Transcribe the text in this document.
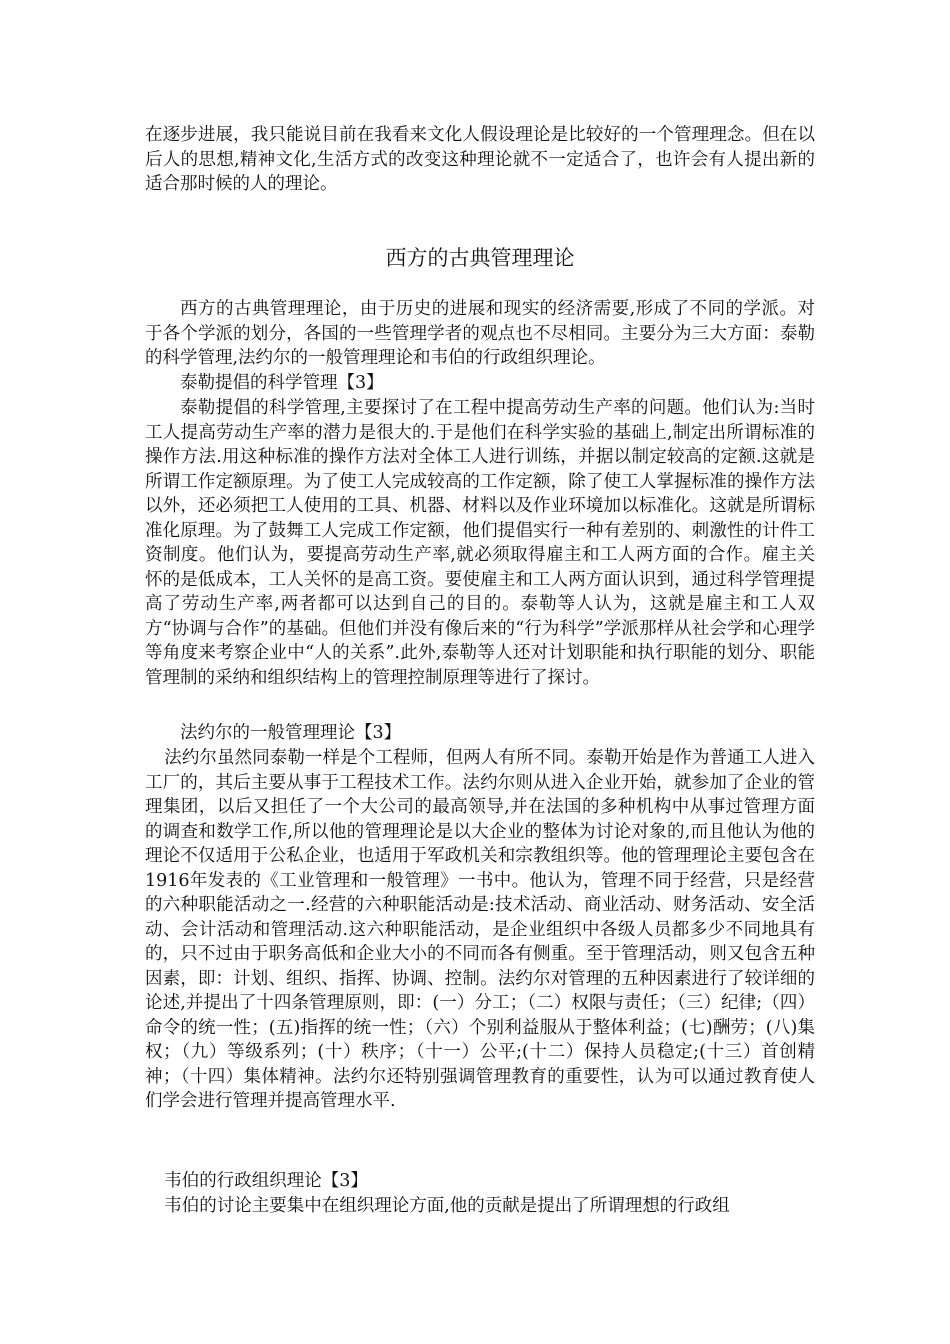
在逐步进展，我只能说目前在我看来文化人假设理论是比较好的一个管理理念。但在以后人的思想,精神文化,生活方式的改变这种理论就不一定适合了，也许会有人提出新的适合那时候的人的理论。

西方的古典管理理论

西方的古典管理理论，由于历史的进展和现实的经济需要,形成了不同的学派。对于各个学派的划分，各国的一些管理学者的观点也不尽相同。主要分为三大方面：泰勒的科学管理,法约尔的一般管理理论和韦伯的行政组织理论。

泰勒提倡的科学管理【3】

泰勒提倡的科学管理,主要探讨了在工程中提高劳动生产率的问题。他们认为:当时工人提高劳动生产率的潜力是很大的.于是他们在科学实验的基础上,制定出所谓标准的操作方法.用这种标准的操作方法对全体工人进行训练，并据以制定较高的定额.这就是所谓工作定额原理。为了使工人完成较高的工作定额，除了使工人掌握标准的操作方法以外，还必须把工人使用的工具、机器、材料以及作业环境加以标准化。这就是所谓标准化原理。为了鼓舞工人完成工作定额，他们提倡实行一种有差别的、刺激性的计件工资制度。他们认为，要提高劳动生产率,就必须取得雇主和工人两方面的合作。雇主关怀的是低成本，工人关怀的是高工资。要使雇主和工人两方面认识到，通过科学管理提高了劳动生产率,两者都可以达到自己的目的。泰勒等人认为，这就是雇主和工人双方“协调与合作”的基础。但他们并没有像后来的“行为科学”学派那样从社会学和心理学等角度来考察企业中“人的关系”.此外,泰勒等人还对计划职能和执行职能的划分、职能管理制的采纳和组织结构上的管理控制原理等进行了探讨。

法约尔的一般管理理论【3】

法约尔虽然同泰勒一样是个工程师，但两人有所不同。泰勒开始是作为普通工人进入工厂的，其后主要从事于工程技术工作。法约尔则从进入企业开始，就参加了企业的管理集团，以后又担任了一个大公司的最高领导,并在法国的多种机构中从事过管理方面的调查和数学工作,所以他的管理理论是以大企业的整体为讨论对象的,而且他认为他的理论不仅适用于公私企业，也适用于军政机关和宗教组织等。他的管理理论主要包含在1916年发表的《工业管理和一般管理》一书中。他认为，管理不同于经营，只是经营的六种职能活动之一.经营的六种职能活动是:技术活动、商业活动、财务活动、安全活动、会计活动和管理活动.这六种职能活动，是企业组织中各级人员都多少不同地具有的，只不过由于职务高低和企业大小的不同而各有侧重。至于管理活动，则又包含五种因素，即：计划、组织、指挥、协调、控制。法约尔对管理的五种因素进行了较详细的论述,并提出了十四条管理原则，即：(一）分工；（二）权限与责任；（三）纪律;（四）命令的统一性；(五)指挥的统一性；（六）个别利益服从于整体利益；(七)酬劳；(八)集权；（九）等级系列；(十）秩序；（十一）公平;(十二）保持人员稳定;(十三）首创精神；（十四）集体精神。法约尔还特别强调管理教育的重要性，认为可以通过教育使人们学会进行管理并提高管理水平.

韦伯的行政组织理论【3】

韦伯的讨论主要集中在组织理论方面,他的贡献是提出了所谓理想的行政组
